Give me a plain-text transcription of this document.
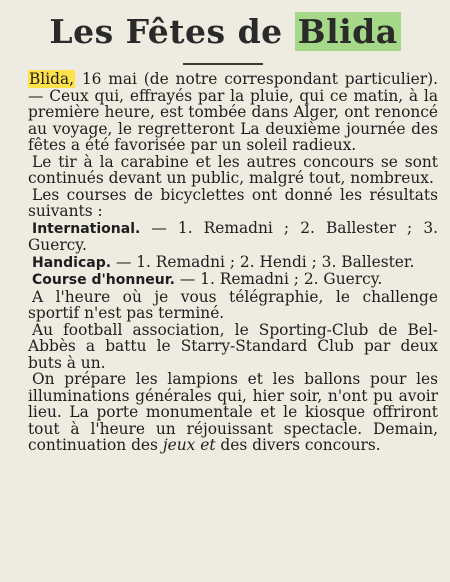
Les Fêtes de Blida

Blida, 16 mai (de notre correspondant particulier). — Ceux qui, effrayés par la pluie, qui ce matin, à la première heure, est tombée dans Alger, ont renoncé au voyage, le regretteront La deuxième journée des fêtes a été favorisée par un soleil radieux.

Le tir à la carabine et les autres concours se sont continués devant un public, malgré tout, nombreux.

Les courses de bicyclettes ont donné les résultats suivants :

International. — 1. Remadni ; 2. Ballester ; 3. Guercy.

Handicap. — 1. Remadni ; 2. Hendi ; 3. Ballester.

Course d'honneur. — 1. Remadni ; 2. Guercy.

A l'heure où je vous télégraphie, le challenge sportif n'est pas terminé.

Au football association, le Sporting-Club de Bel-Abbès a battu le Starry-Standard Club par deux buts à un.

On prépare les lampions et les ballons pour les illuminations générales qui, hier soir, n'ont pu avoir lieu. La porte monumentale et le kiosque offriront tout à l'heure un réjouissant spectacle. Demain, continuation des jeux et des divers concours.
